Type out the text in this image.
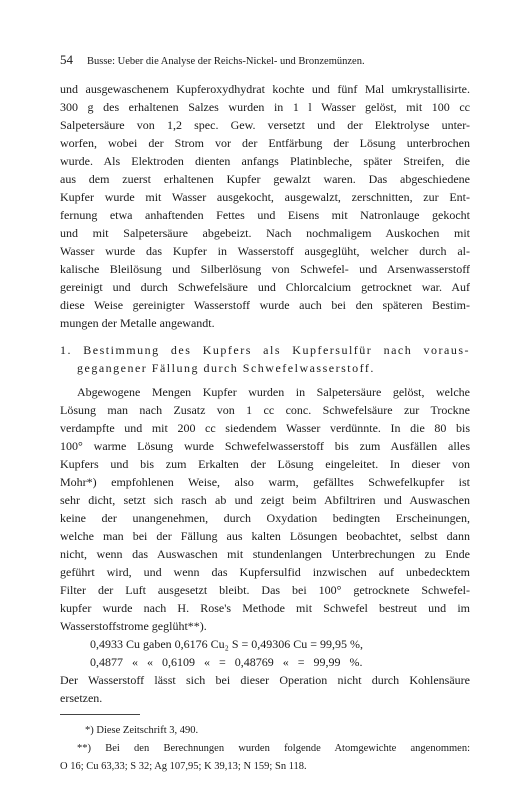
54 Busse: Ueber die Analyse der Reichs-Nickel- und Bronzemünzen.
und ausgewaschenem Kupferoxydhydrat kochte und fünf Mal umkrystallisirte.
300 g des erhaltenen Salzes wurden in 1 l Wasser gelöst, mit 100 cc
Salpetersäure von 1,2 spec. Gew. versetzt und der Elektrolyse unter-
worfen, wobei der Strom vor der Entfärbung der Lösung unterbrochen
wurde. Als Elektroden dienten anfangs Platinbleche, später Streifen, die
aus dem zuerst erhaltenen Kupfer gewalzt waren. Das abgeschiedene
Kupfer wurde mit Wasser ausgekocht, ausgewalzt, zerschnitten, zur Ent-
fernung etwa anhaftenden Fettes und Eisens mit Natronlauge gekocht
und mit Salpetersäure abgebeizt. Nach nochmaligem Auskochen mit
Wasser wurde das Kupfer in Wasserstoff ausgeglüht, welcher durch al-
kalische Bleilösung und Silberlösung von Schwefel- und Arsenwasserstoff
gereinigt und durch Schwefelsäure und Chlorcalcium getrocknet war. Auf
diese Weise gereinigter Wasserstoff wurde auch bei den späteren Bestim-
mungen der Metalle angewandt.
1. Bestimmung des Kupfers als Kupfersulfür nach voraus-
gegangener Fällung durch Schwefelwasserstoff.
Abgewogene Mengen Kupfer wurden in Salpetersäure gelöst, welche
Lösung man nach Zusatz von 1 cc conc. Schwefelsäure zur Trockne
verdampfte und mit 200 cc siedendem Wasser verdünnte. In die 80 bis
100° warme Lösung wurde Schwefelwasserstoff bis zum Ausfällen alles
Kupfers und bis zum Erkalten der Lösung eingeleitet. In dieser von
Mohr*) empfohlenen Weise, also warm, gefälltes Schwefelkupfer ist
sehr dicht, setzt sich rasch ab und zeigt beim Abfiltriren und Auswaschen
keine der unangenehmen, durch Oxydation bedingten Erscheinungen,
welche man bei der Fällung aus kalten Lösungen beobachtet, selbst dann
nicht, wenn das Auswaschen mit stundenlangen Unterbrechungen zu Ende
geführt wird, und wenn das Kupfersulfid inzwischen auf unbedecktem
Filter der Luft ausgesetzt bleibt. Das bei 100° getrocknete Schwefel-
kupfer wurde nach H. Rose's Methode mit Schwefel bestreut und im
Wasserstoffstrome geglüht**).
0,4933 Cu gaben 0,6176 Cu₂ S = 0,49306 Cu = 99,95 %,
0,4877 « « 0,6109 « = 0,48769 « = 99,99 %.
Der Wasserstoff lässt sich bei dieser Operation nicht durch Kohlensäure
ersetzen.
*) Diese Zeitschrift 3, 490.
**) Bei den Berechnungen wurden folgende Atomgewichte angenommen:
O 16; Cu 63,33; S 32; Ag 107,95; K 39,13; N 159; Sn 118.
